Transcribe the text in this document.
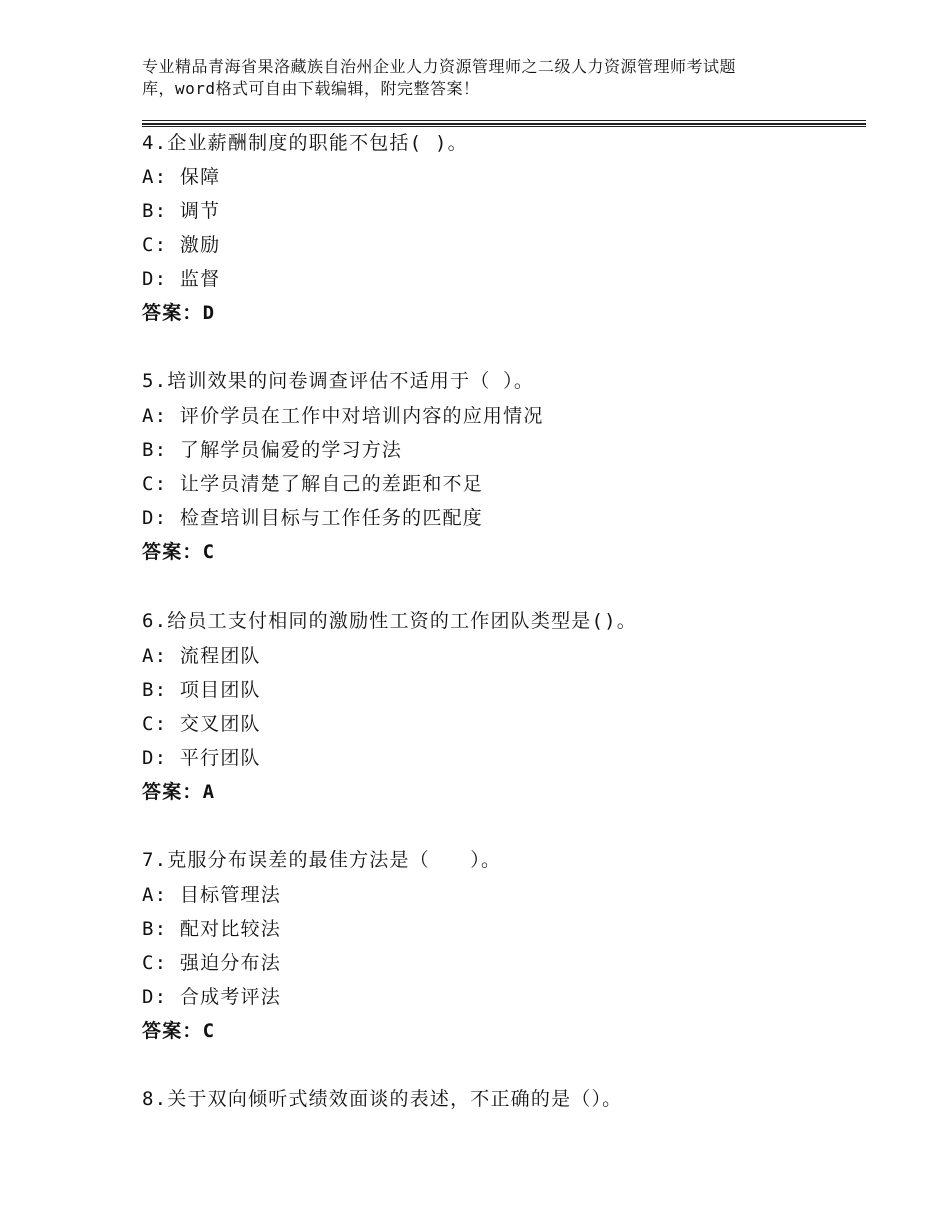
专业精品青海省果洛藏族自治州企业人力资源管理师之二级人力资源管理师考试题
库，word格式可自由下载编辑，附完整答案！
4.企业薪酬制度的职能不包括( )。
A: 保障
B: 调节
C: 激励
D: 监督
答案：D
5.培训效果的问卷调查评估不适用于（ ）。
A: 评价学员在工作中对培训内容的应用情况
B: 了解学员偏爱的学习方法
C: 让学员清楚了解自己的差距和不足
D: 检查培训目标与工作任务的匹配度
答案：C
6.给员工支付相同的激励性工资的工作团队类型是()。
A: 流程团队
B: 项目团队
C: 交叉团队
D: 平行团队
答案：A
7.克服分布误差的最佳方法是（　　）。
A: 目标管理法
B: 配对比较法
C: 强迫分布法
D: 合成考评法
答案：C
8.关于双向倾听式绩效面谈的表述，不正确的是（）。
